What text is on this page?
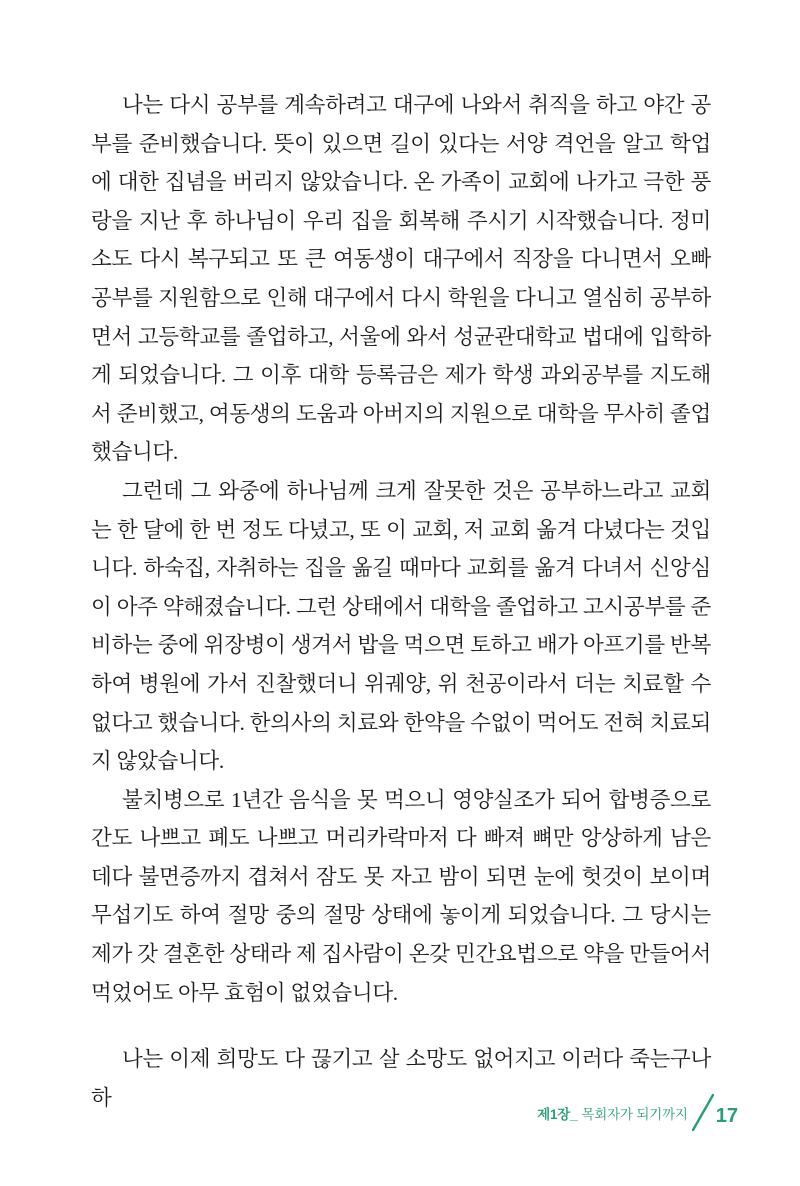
나는 다시 공부를 계속하려고 대구에 나와서 취직을 하고 야간 공부를 준비했습니다. 뜻이 있으면 길이 있다는 서양 격언을 알고 학업에 대한 집념을 버리지 않았습니다. 온 가족이 교회에 나가고 극한 풍랑을 지난 후 하나님이 우리 집을 회복해 주시기 시작했습니다. 정미소도 다시 복구되고 또 큰 여동생이 대구에서 직장을 다니면서 오빠 공부를 지원함으로 인해 대구에서 다시 학원을 다니고 열심히 공부하면서 고등학교를 졸업하고, 서울에 와서 성균관대학교 법대에 입학하게 되었습니다. 그 이후 대학 등록금은 제가 학생 과외공부를 지도해서 준비했고, 여동생의 도움과 아버지의 지원으로 대학을 무사히 졸업했습니다.

그런데 그 와중에 하나님께 크게 잘못한 것은 공부하느라고 교회는 한 달에 한 번 정도 다녔고, 또 이 교회, 저 교회 옮겨 다녔다는 것입니다. 하숙집, 자취하는 집을 옮길 때마다 교회를 옮겨 다녀서 신앙심이 아주 약해졌습니다. 그런 상태에서 대학을 졸업하고 고시공부를 준비하는 중에 위장병이 생겨서 밥을 먹으면 토하고 배가 아프기를 반복하여 병원에 가서 진찰했더니 위궤양, 위 천공이라서 더는 치료할 수 없다고 했습니다. 한의사의 치료와 한약을 수없이 먹어도 전혀 치료되지 않았습니다.

불치병으로 1년간 음식을 못 먹으니 영양실조가 되어 합병증으로 간도 나쁘고 폐도 나쁘고 머리카락마저 다 빠져 뼈만 앙상하게 남은 데다 불면증까지 겹쳐서 잠도 못 자고 밤이 되면 눈에 헛것이 보이며 무섭기도 하여 절망 중의 절망 상태에 놓이게 되었습니다. 그 당시는 제가 갓 결혼한 상태라 제 집사람이 온갖 민간요법으로 약을 만들어서 먹었어도 아무 효험이 없었습니다.

나는 이제 희망도 다 끊기고 살 소망도 없어지고 이러다 죽는구나 하

제1장_ 목회자가 되기까지 17
